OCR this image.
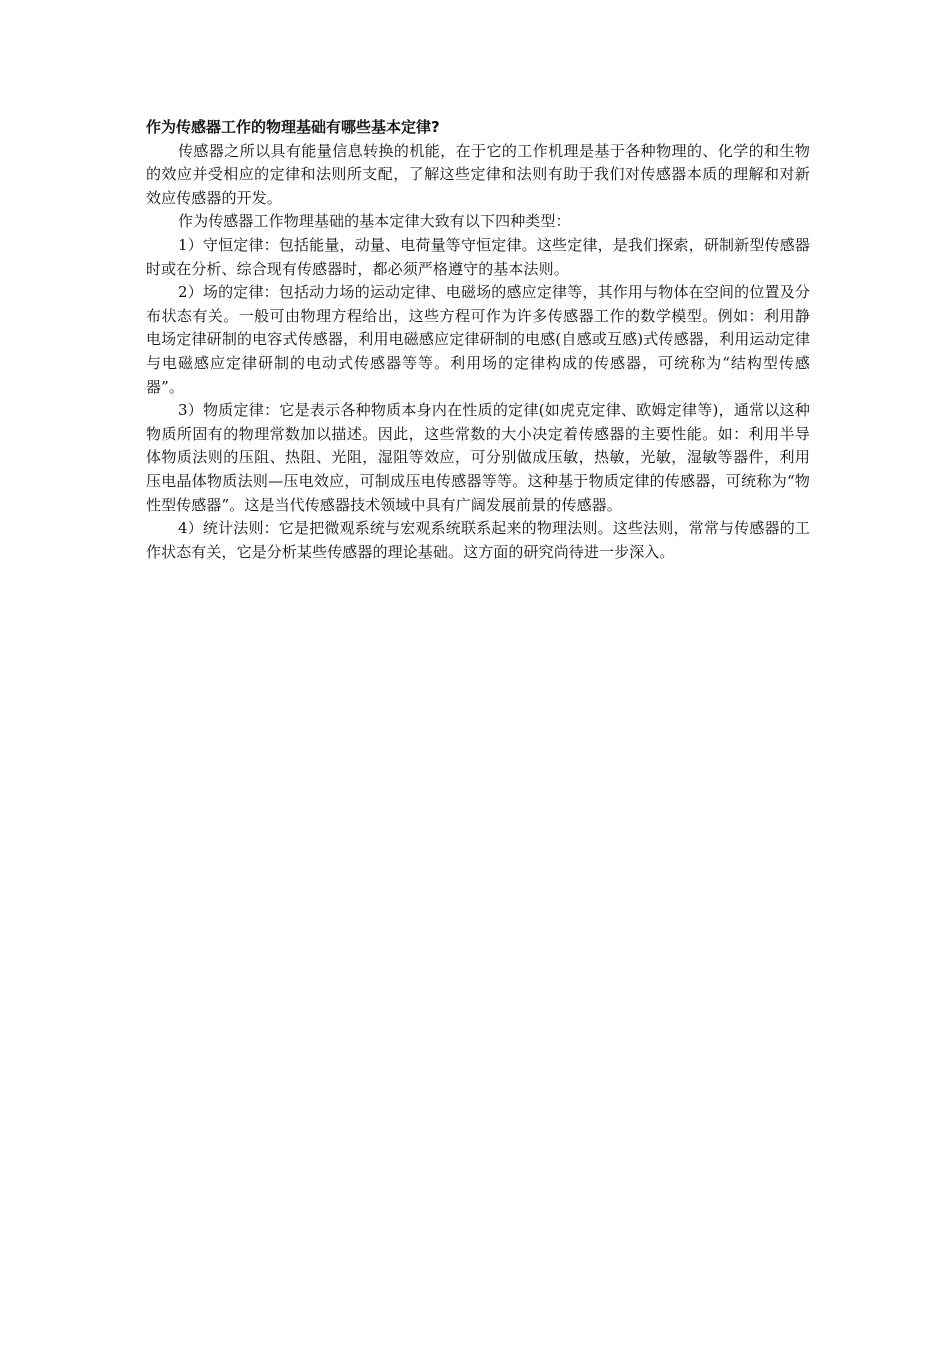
作为传感器工作的物理基础有哪些基本定律?

传感器之所以具有能量信息转换的机能，在于它的工作机理是基于各种物理的、化学的和生物的效应并受相应的定律和法则所支配，了解这些定律和法则有助于我们对传感器本质的理解和对新效应传感器的开发。

作为传感器工作物理基础的基本定律大致有以下四种类型：

1）守恒定律：包括能量，动量、电荷量等守恒定律。这些定律，是我们探索，研制新型传感器时或在分析、综合现有传感器时，都必须严格遵守的基本法则。

2）场的定律：包括动力场的运动定律、电磁场的感应定律等，其作用与物体在空间的位置及分布状态有关。一般可由物理方程给出，这些方程可作为许多传感器工作的数学模型。例如：利用静电场定律研制的电容式传感器，利用电磁感应定律研制的电感(自感或互感)式传感器，利用运动定律与电磁感应定律研制的电动式传感器等等。利用场的定律构成的传感器，可统称为“结构型传感器”。

3）物质定律：它是表示各种物质本身内在性质的定律(如虎克定律、欧姆定律等)，通常以这种物质所固有的物理常数加以描述。因此，这些常数的大小决定着传感器的主要性能。如：利用半导体物质法则的压阻、热阻、光阻，湿阻等效应，可分别做成压敏，热敏，光敏，湿敏等器件，利用压电晶体物质法则—压电效应，可制成压电传感器等等。这种基于物质定律的传感器，可统称为“物性型传感器”。这是当代传感器技术领域中具有广阔发展前景的传感器。

4）统计法则：它是把微观系统与宏观系统联系起来的物理法则。这些法则，常常与传感器的工作状态有关，它是分析某些传感器的理论基础。这方面的研究尚待进一步深入。
